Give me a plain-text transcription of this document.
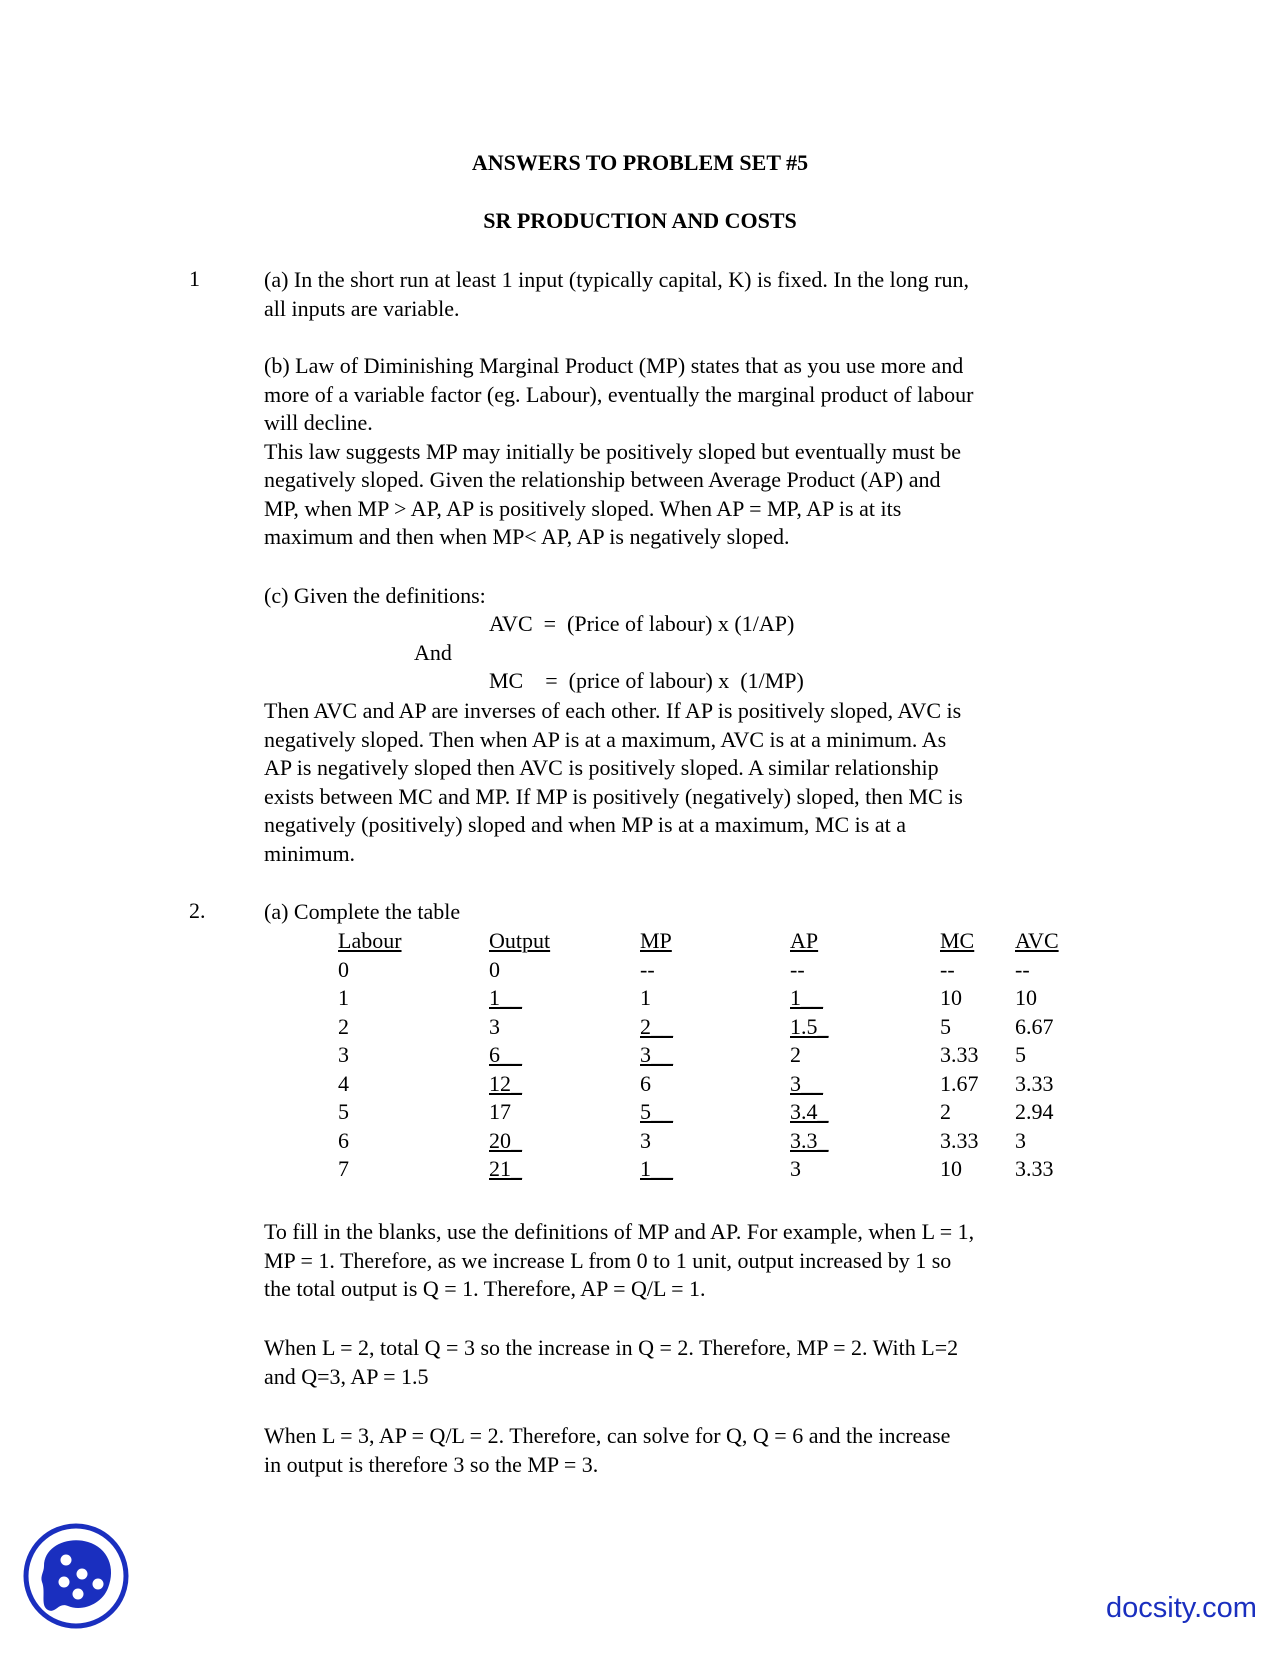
ANSWERS TO PROBLEM SET #5
SR PRODUCTION AND COSTS
1	(a) In the short run at least 1 input (typically capital, K) is fixed. In the long run,
all inputs are variable.
(b) Law of Diminishing Marginal Product (MP) states that as you use more and
more of a variable factor (eg. Labour), eventually the marginal product of labour
will decline.
This law suggests MP may initially be positively sloped but eventually must be
negatively sloped. Given the relationship between Average Product (AP) and
MP, when MP > AP, AP is positively sloped. When AP = MP, AP is at its
maximum and then when MP< AP, AP is negatively sloped.
(c) Given the definitions:
AVC  =  (Price of labour) x (1/AP)
And
MC    =  (price of labour) x  (1/MP)
Then AVC and AP are inverses of each other. If AP is positively sloped, AVC is
negatively sloped. Then when AP is at a maximum, AVC is at a minimum. As
AP is negatively sloped then AVC is positively sloped. A similar relationship
exists between MC and MP. If MP is positively (negatively) sloped, then MC is
negatively (positively) sloped and when MP is at a maximum, MC is at a
minimum.
2.	(a) Complete the table
Labour	Output	MP	AP	MC AVC
0	0	--	--	--	--
1	1__	1	1__	10 10
2	3	2__	1.5_	5	6.67
3	6__	3__	2	3.33 5
4	12_	6	3__	1.67 3.33
5	17	5__	3.4_	2	2.94
6	20_	3	3.3_	3.33 3
7	21_	1__	3	10 3.33
To fill in the blanks, use the definitions of MP and AP. For example, when L = 1,
MP = 1. Therefore, as we increase L from 0 to 1 unit, output increased by 1 so
the total output is Q = 1. Therefore, AP = Q/L = 1.
When L = 2, total Q = 3 so the increase in Q = 2. Therefore, MP = 2. With L=2
and Q=3, AP = 1.5
When L = 3, AP = Q/L = 2. Therefore, can solve for Q, Q = 6 and the increase
in output is therefore 3 so the MP = 3.
docsity.com
